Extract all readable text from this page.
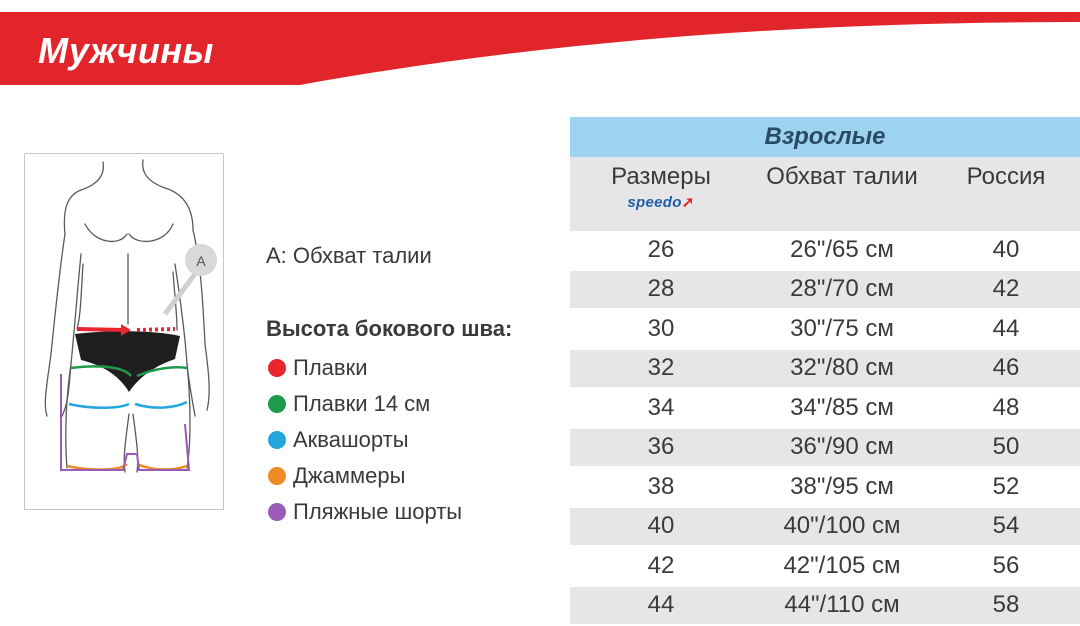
Мужчины
A	A: Обхват талии
Высота бокового шва:
Плавки
Плавки 14 см
Аквашорты
Джаммеры
Пляжные шорты
Взрослые		
Размеры
speedo➚	Обхват талии	Россия
26	26"/65 см	40
28	28"/70 см	42
30	30"/75 см	44
32	32"/80 см	46
34	34"/85 см	48
36	36"/90 см	50
38	38"/95 см	52
40	40"/100 см	54
42	42"/105 см	56
44	44"/110 см	58
